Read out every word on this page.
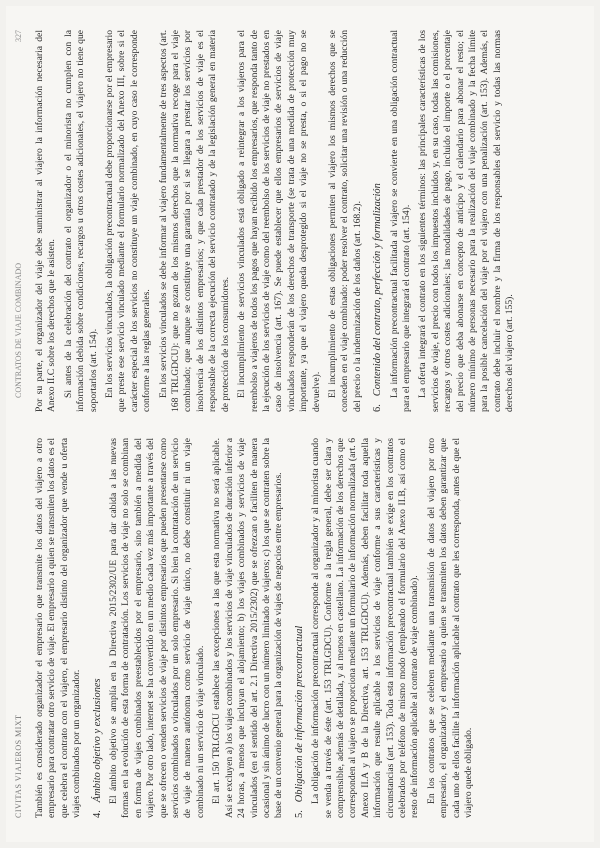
CIVITAS VIAJEROS MIXT
CONTRATOS DE VIAJE COMBINADO
327

También es considerado organizador el empresario que transmite los datos del viajero a otro empresario para contratar otro servicio de viaje. El empresario a quien se transmiten los datos es el que celebra el contrato con el viajero, el empresario distinto del organizador que vende u oferta viajes combinados por un organizador. 4.Ámbito objetivo y exclusiones El ámbito objetivo se amplía en la Directiva 2015/2302/UE para dar cabida a las nuevas formas en la evolución de esta forma de contratación. Los servicios de viaje no solo se combinan en forma de viajes combinados preestablecidos por el empresario, sino también a medida del viajero. Por otro lado, internet se ha convertido en un medio cada vez más importante a través del que se ofrecen o venden servicios de viaje por distintos empresarios que pueden presentarse como servicios combinados o vinculados por un solo empresario. Si bien la contratación de un servicio de viaje de manera autónoma como servicio de viaje único, no debe constituir ni un viaje combinado ni un servicio de viaje vinculado. El art. 150 TRLGDCU establece las excepciones a las que esta normativa no será aplicable. Así se excluyen a) los viajes combinados y los servicios de viaje vinculados de duración inferior a 24 horas, a menos que incluyan el alojamiento; b) los viajes combinados y servicios de viaje vinculados (en el sentido del art. 2.1 Directiva 2015/2302) que se ofrezcan o faciliten de manera ocasional y sin ánimo de lucro con un número limitado de viajeros; c) los que se contraten sobre la base de un convenio general para la organización de viajes de negocios entre empresarios. 5.Obligación de información precontractual La obligación de información precontractual corresponde al organizador y al minorista cuando se venda a través de éste (art. 153 TRLGDCU). Conforme a la regla general, debe ser clara y comprensible, además de detallada, y al menos en castellano. La información de los derechos que corresponden al viajero se proporciona mediante un formulario de información normalizada (art. 6 Anexo II.A y B de la Directiva, art. 153 TRLGDCU). Además, deben facilitar toda aquella información que resulte aplicable a los servicios de viaje conforme a sus características y circunstancias (art. 153). Toda esta información precontractual también se exige en los contratos celebrados por teléfono de mismo modo (empleando el formulario del Anexo II.B, así como el resto de información aplicable al contrato de viaje combinado). En los contratos que se celebren mediante una transmisión de datos del viajero por otro empresario, el organizador y el empresario a quien se transmiten los datos deben garantizar que cada uno de ellos facilite la información aplicable al contrato que les corresponda, antes de que el viajero quede obligado.

Por su parte, el organizador del viaje debe suministrar al viajero la información necesaria del Anexo II.C sobre los derechos que le asisten. Si antes de la celebración del contrato el organizador o el minorista no cumplen con la información debida sobre condiciones, recargos u otros costes adicionales, el viajero no tiene que soportarlos (art. 154). En los servicios vinculados, la obligación precontractual debe proporcionarse por el empresario que preste ese servicio vinculado mediante el formulario normalizado del Anexo III, sobre si el carácter especial de los servicios no constituye un viaje combinado, en cuyo caso le corresponde conforme a las reglas generales. En los servicios vinculados se debe informar al viajero fundamentalmente de tres aspectos (art. 168 TRLGDCU): que no gozan de los mismos derechos que la normativa recoge para el viaje combinado; que aunque se constituye una garantía por si se llegara a prestar los servicios por insolvencia de los distintos empresarios; y que cada prestador de los servicios de viaje es el responsable de la correcta ejecución del servicio contratado y de la legislación general en materia de protección de los consumidores. El incumplimiento de servicios vinculados está obligado a reintegrar a los viajeros para el reembolso a viajeros de todos los pagos que hayan recibido los empresarios, que responda tanto de la ejecución de los servicios de viaje como del reembolso de los servicios de viaje no prestados en caso de insolvencia (art. 167). Se puede establecer que ellos empresarios de servicios de viaje vinculados responderán de los derechos de transporte (se trata de una medida de protección muy importante, ya que el viajero queda desprotegido si el viaje no se presta, o si el pago no se devuelve). El incumplimiento de estas obligaciones permiten al viajero los mismos derechos que se conceden en el viaje combinado: poder resolver el contrato, solicitar una revisión o una reducción del precio o la indemnización de los daños (art. 168.2). 6.Contenido del contrato, perfección y formalización La información precontractual facilitada al viajero se convierte en una obligación contractual para el empresario que integrará el contrato (art. 154). La oferta integrará el contrato en los siguientes términos: las principales características de los servicios de viaje, el precio con todos los impuestos incluidos y, en su caso, todas las comisiones, recargos y otros costes adicionales; las modalidades de pago, incluido el importe o el porcentaje del precio que deba abonarse en concepto de anticipo y el calendario para abonar el resto; el número mínimo de personas necesario para la realización del viaje combinado y la fecha límite para la posible cancelación del viaje por el viajero con una penalización (art. 153). Además, el contrato debe incluir el nombre y la firma de los responsables del servicio y todas las normas derechos del viajero (art. 155).
